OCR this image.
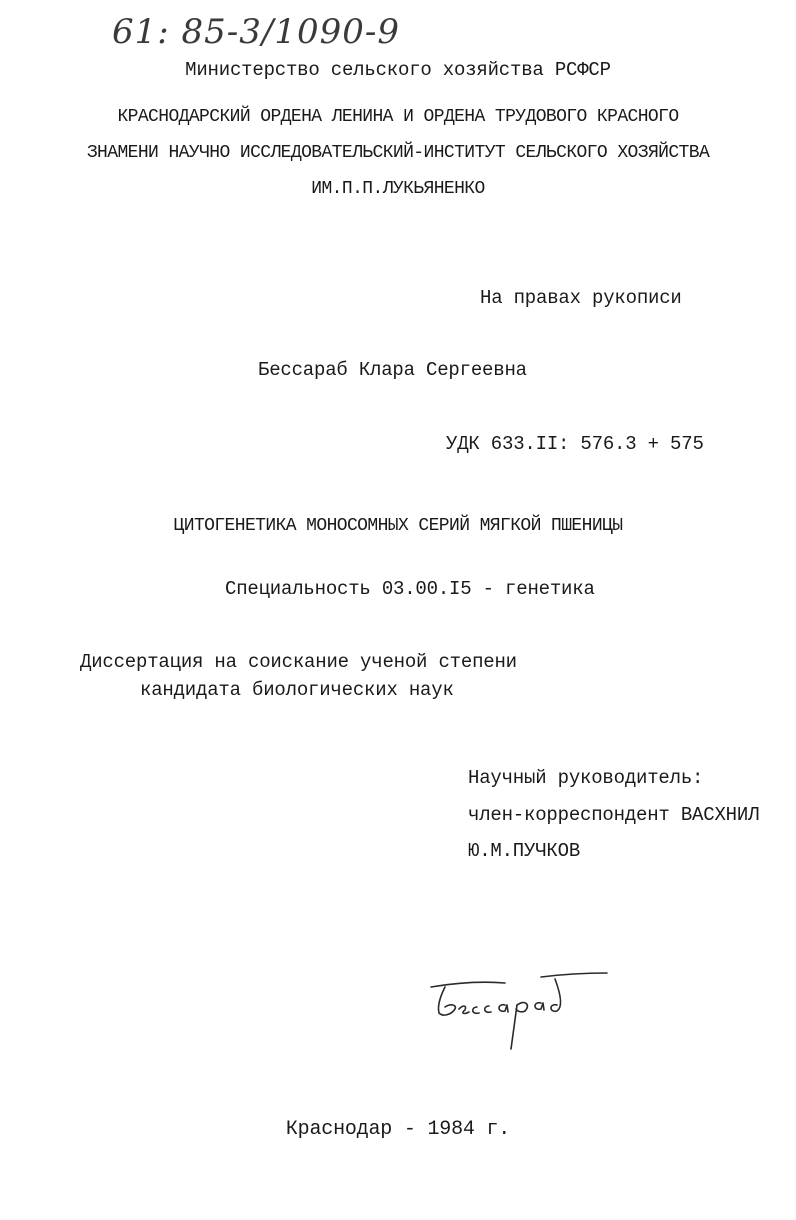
61: 85-3/1090-9
Министерство сельского хозяйства РСФСР
КРАСНОДАРСКИЙ ОРДЕНА ЛЕНИНА И ОРДЕНА ТРУДОВОГО КРАСНОГО
ЗНАМЕНИ НАУЧНО ИССЛЕДОВАТЕЛЬСКИЙ-ИНСТИТУТ СЕЛЬСКОГО ХОЗЯЙСТВА
ИМ.П.П.ЛУКЬЯНЕНКО
На правах рукописи
Бессараб Клара Сергеевна
УДК 633.II: 576.3 + 575
ЦИТОГЕНЕТИКА МОНОСОМНЫХ СЕРИЙ МЯГКОЙ ПШЕНИЦЫ
Специальность 03.00.I5 - генетика
Диссертация на соискание ученой степени
кандидата биологических наук
Научный руководитель:
член-корреспондент ВАСХНИЛ
Ю.М.ПУЧКОВ
Краснодар - 1984 г.
